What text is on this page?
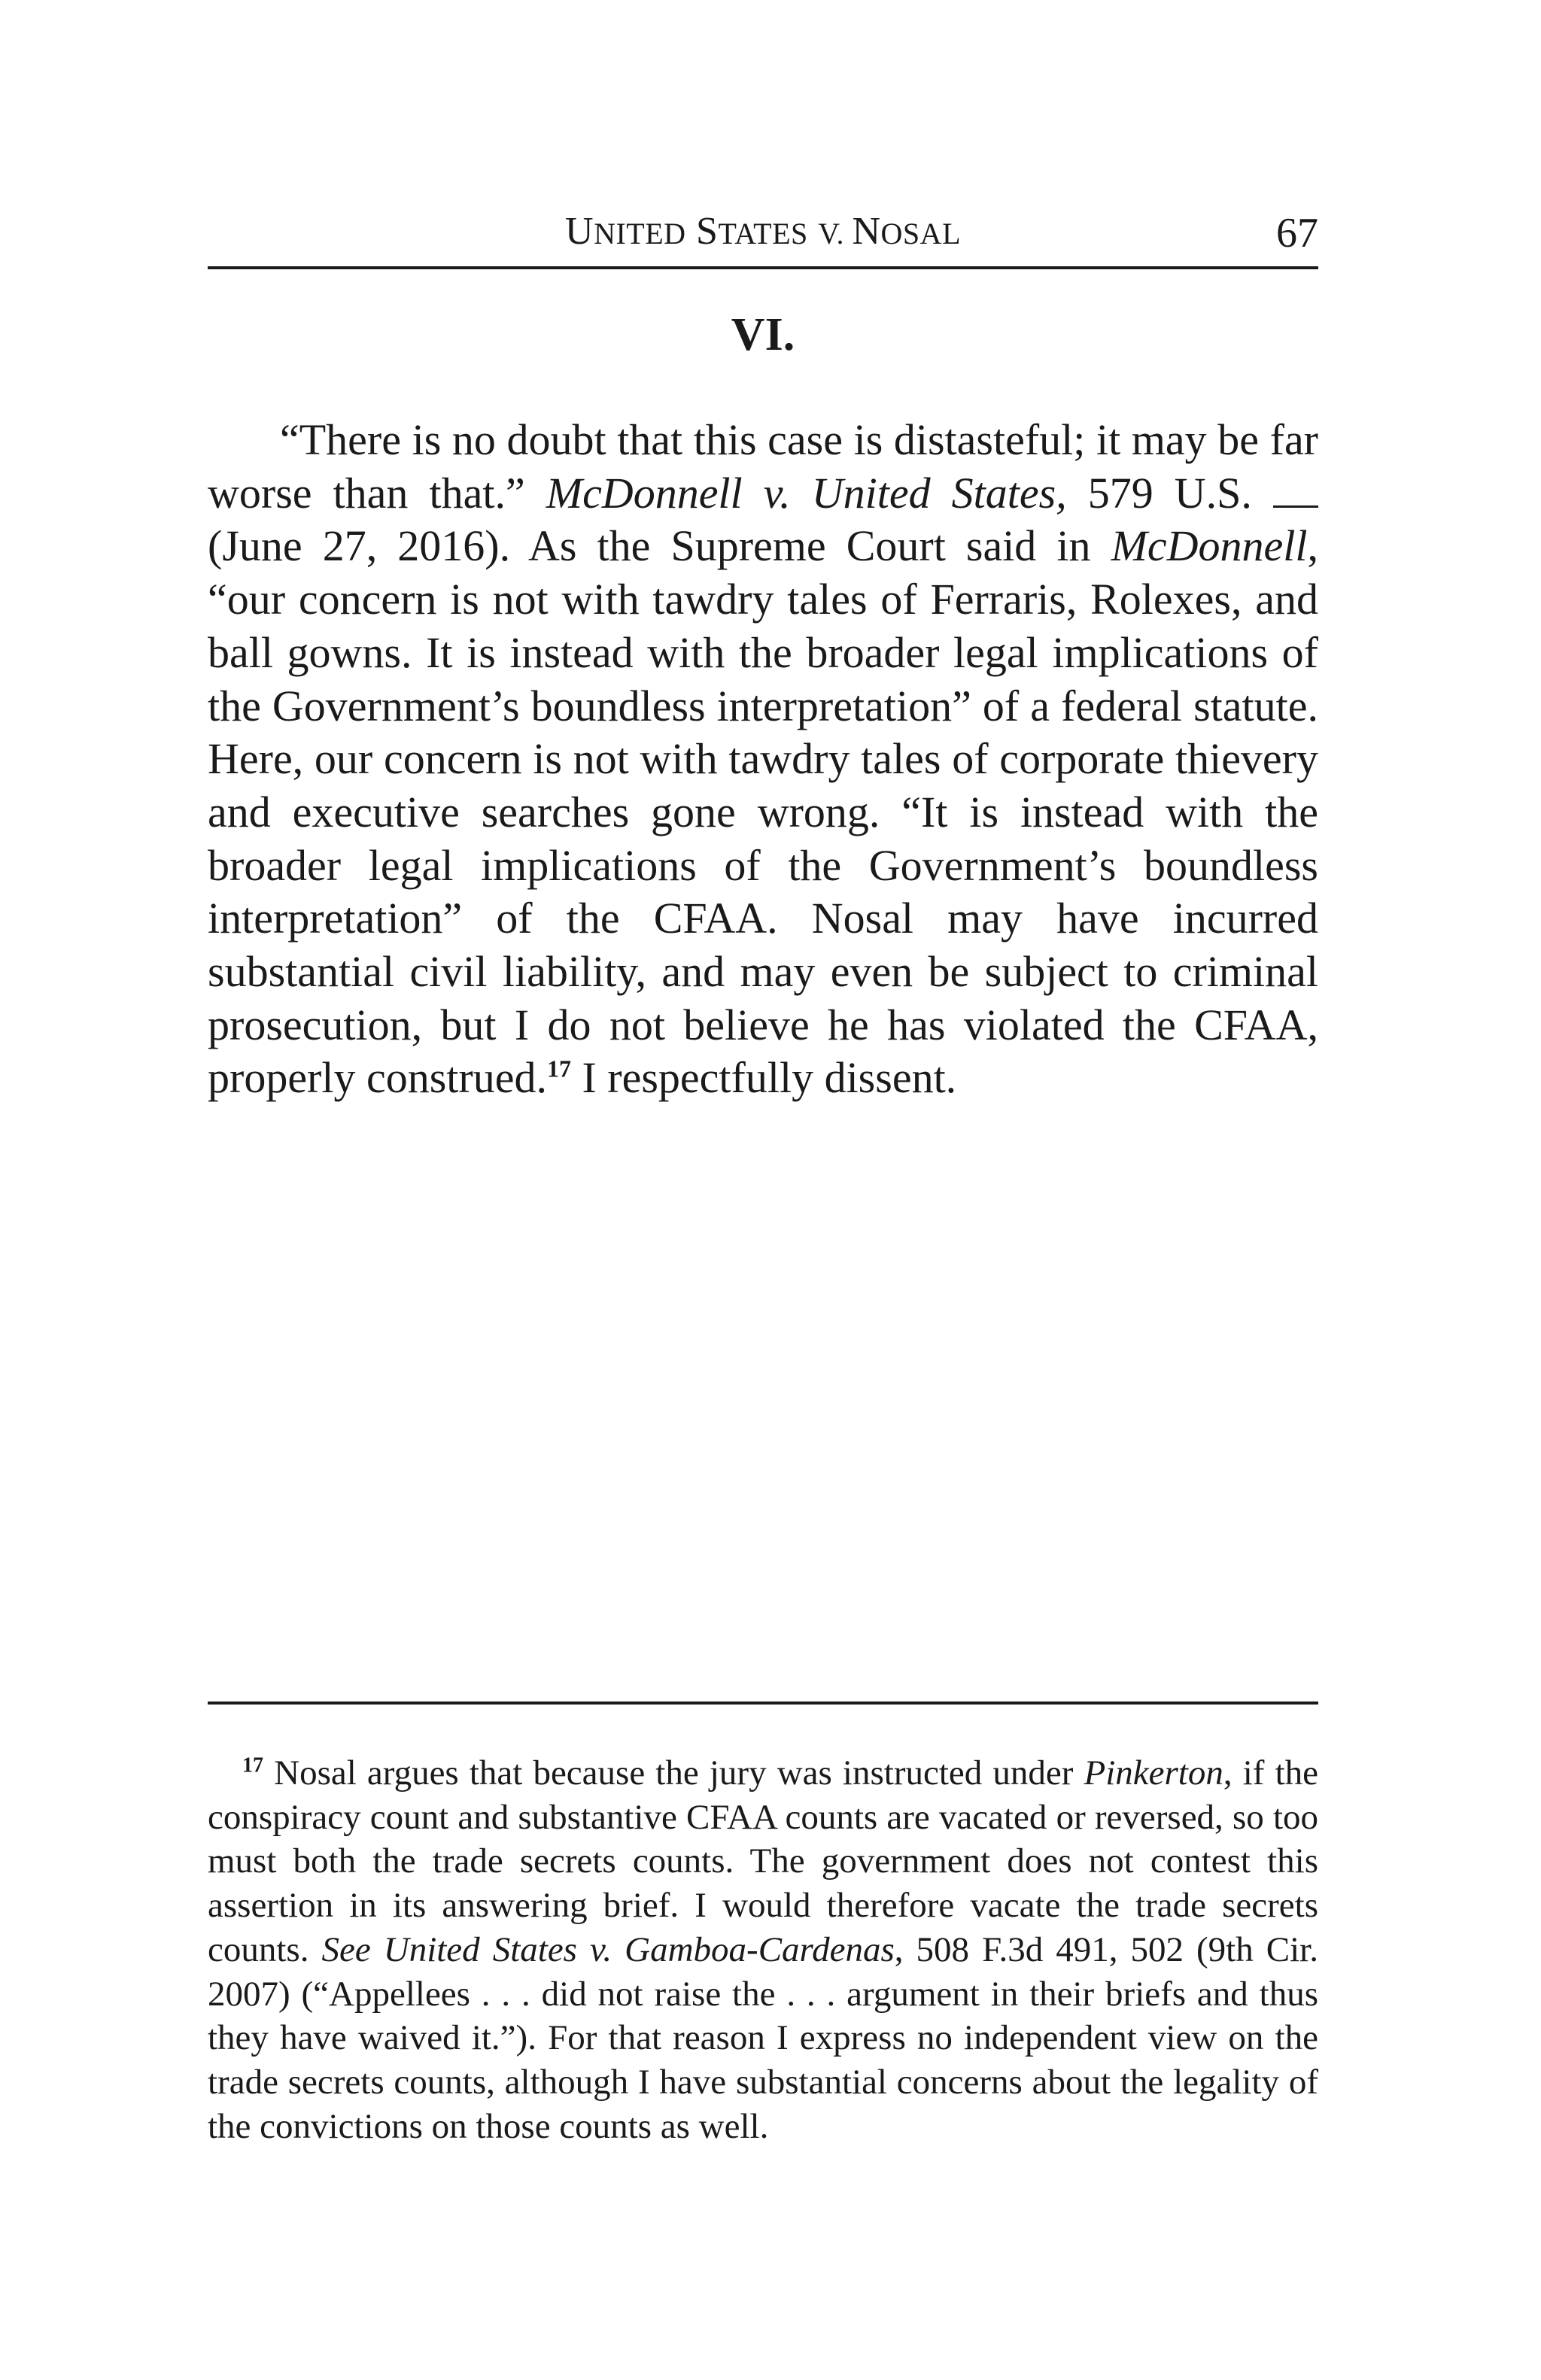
UNITED STATES V. NOSAL	67
VI.

“There is no doubt that this case is distasteful; it may be far worse than that.” McDonnell v. United States, 579 U.S.  (June 27, 2016). As the Supreme Court said in McDonnell, “our concern is not with tawdry tales of Ferraris, Rolexes, and ball gowns. It is instead with the broader legal implications of the Government’s boundless interpretation” of a federal statute. Here, our concern is not with tawdry tales of corporate thievery and executive searches gone wrong. “It is instead with the broader legal implications of the Government’s boundless interpretation” of the CFAA. Nosal may have incurred substantial civil liability, and may even be subject to criminal prosecution, but I do not believe he has violated the CFAA, properly construed.$^{17}$ I respectfully dissent.

$^{17}$ Nosal argues that because the jury was instructed under Pinkerton, if the conspiracy count and substantive CFAA counts are vacated or reversed, so too must both the trade secrets counts. The government does not contest this assertion in its answering brief. I would therefore vacate the trade secrets counts. See United States v. Gamboa-Cardenas, 508 F.3d 491, 502 (9th Cir. 2007) (“Appellees . . . did not raise the . . . argument in their briefs and thus they have waived it.”). For that reason I express no independent view on the trade secrets counts, although I have substantial concerns about the legality of the convictions on those counts as well.
